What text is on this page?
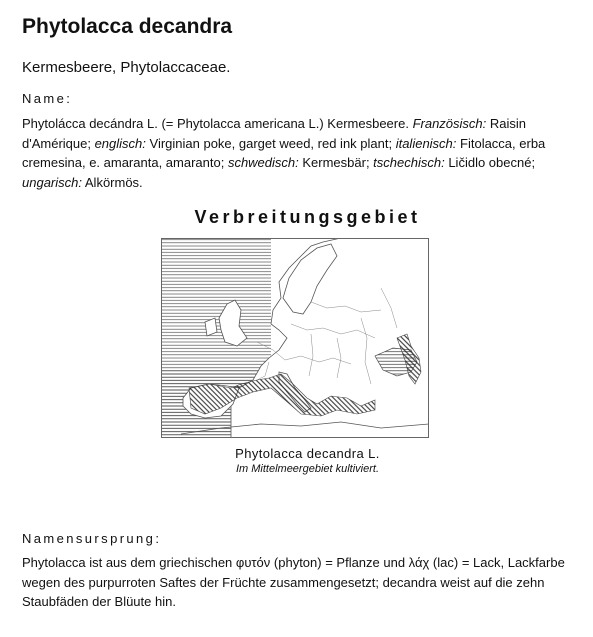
Phytolacca decandra
Kermesbeere, Phytolaccaceae.
Name:
Phytolácca decándra L. (= Phytolacca americana L.) Kermesbeere. Französisch: Raisin d'Amérique; englisch: Virginian poke, garget weed, red ink plant; italienisch: Fitolacca, erba cremesina, e. amaranta, amaranto; schwedisch: Kermesbär; tschechisch: Ličidlo obecné; ungarisch: Alkörmös.
Verbreitungsgebiet
Phytolacca decandra L.
Im Mittelmeergebiet kultiviert.
Namensursprung:
Phytolacca ist aus dem griechischen φυτόν (phyton) = Pflanze und λάχ (lac) = Lack, Lackfarbe wegen des purpurroten Saftes der Früchte zusammengesetzt; decandra weist auf die zehn Staubfäden der Blüute hin.
